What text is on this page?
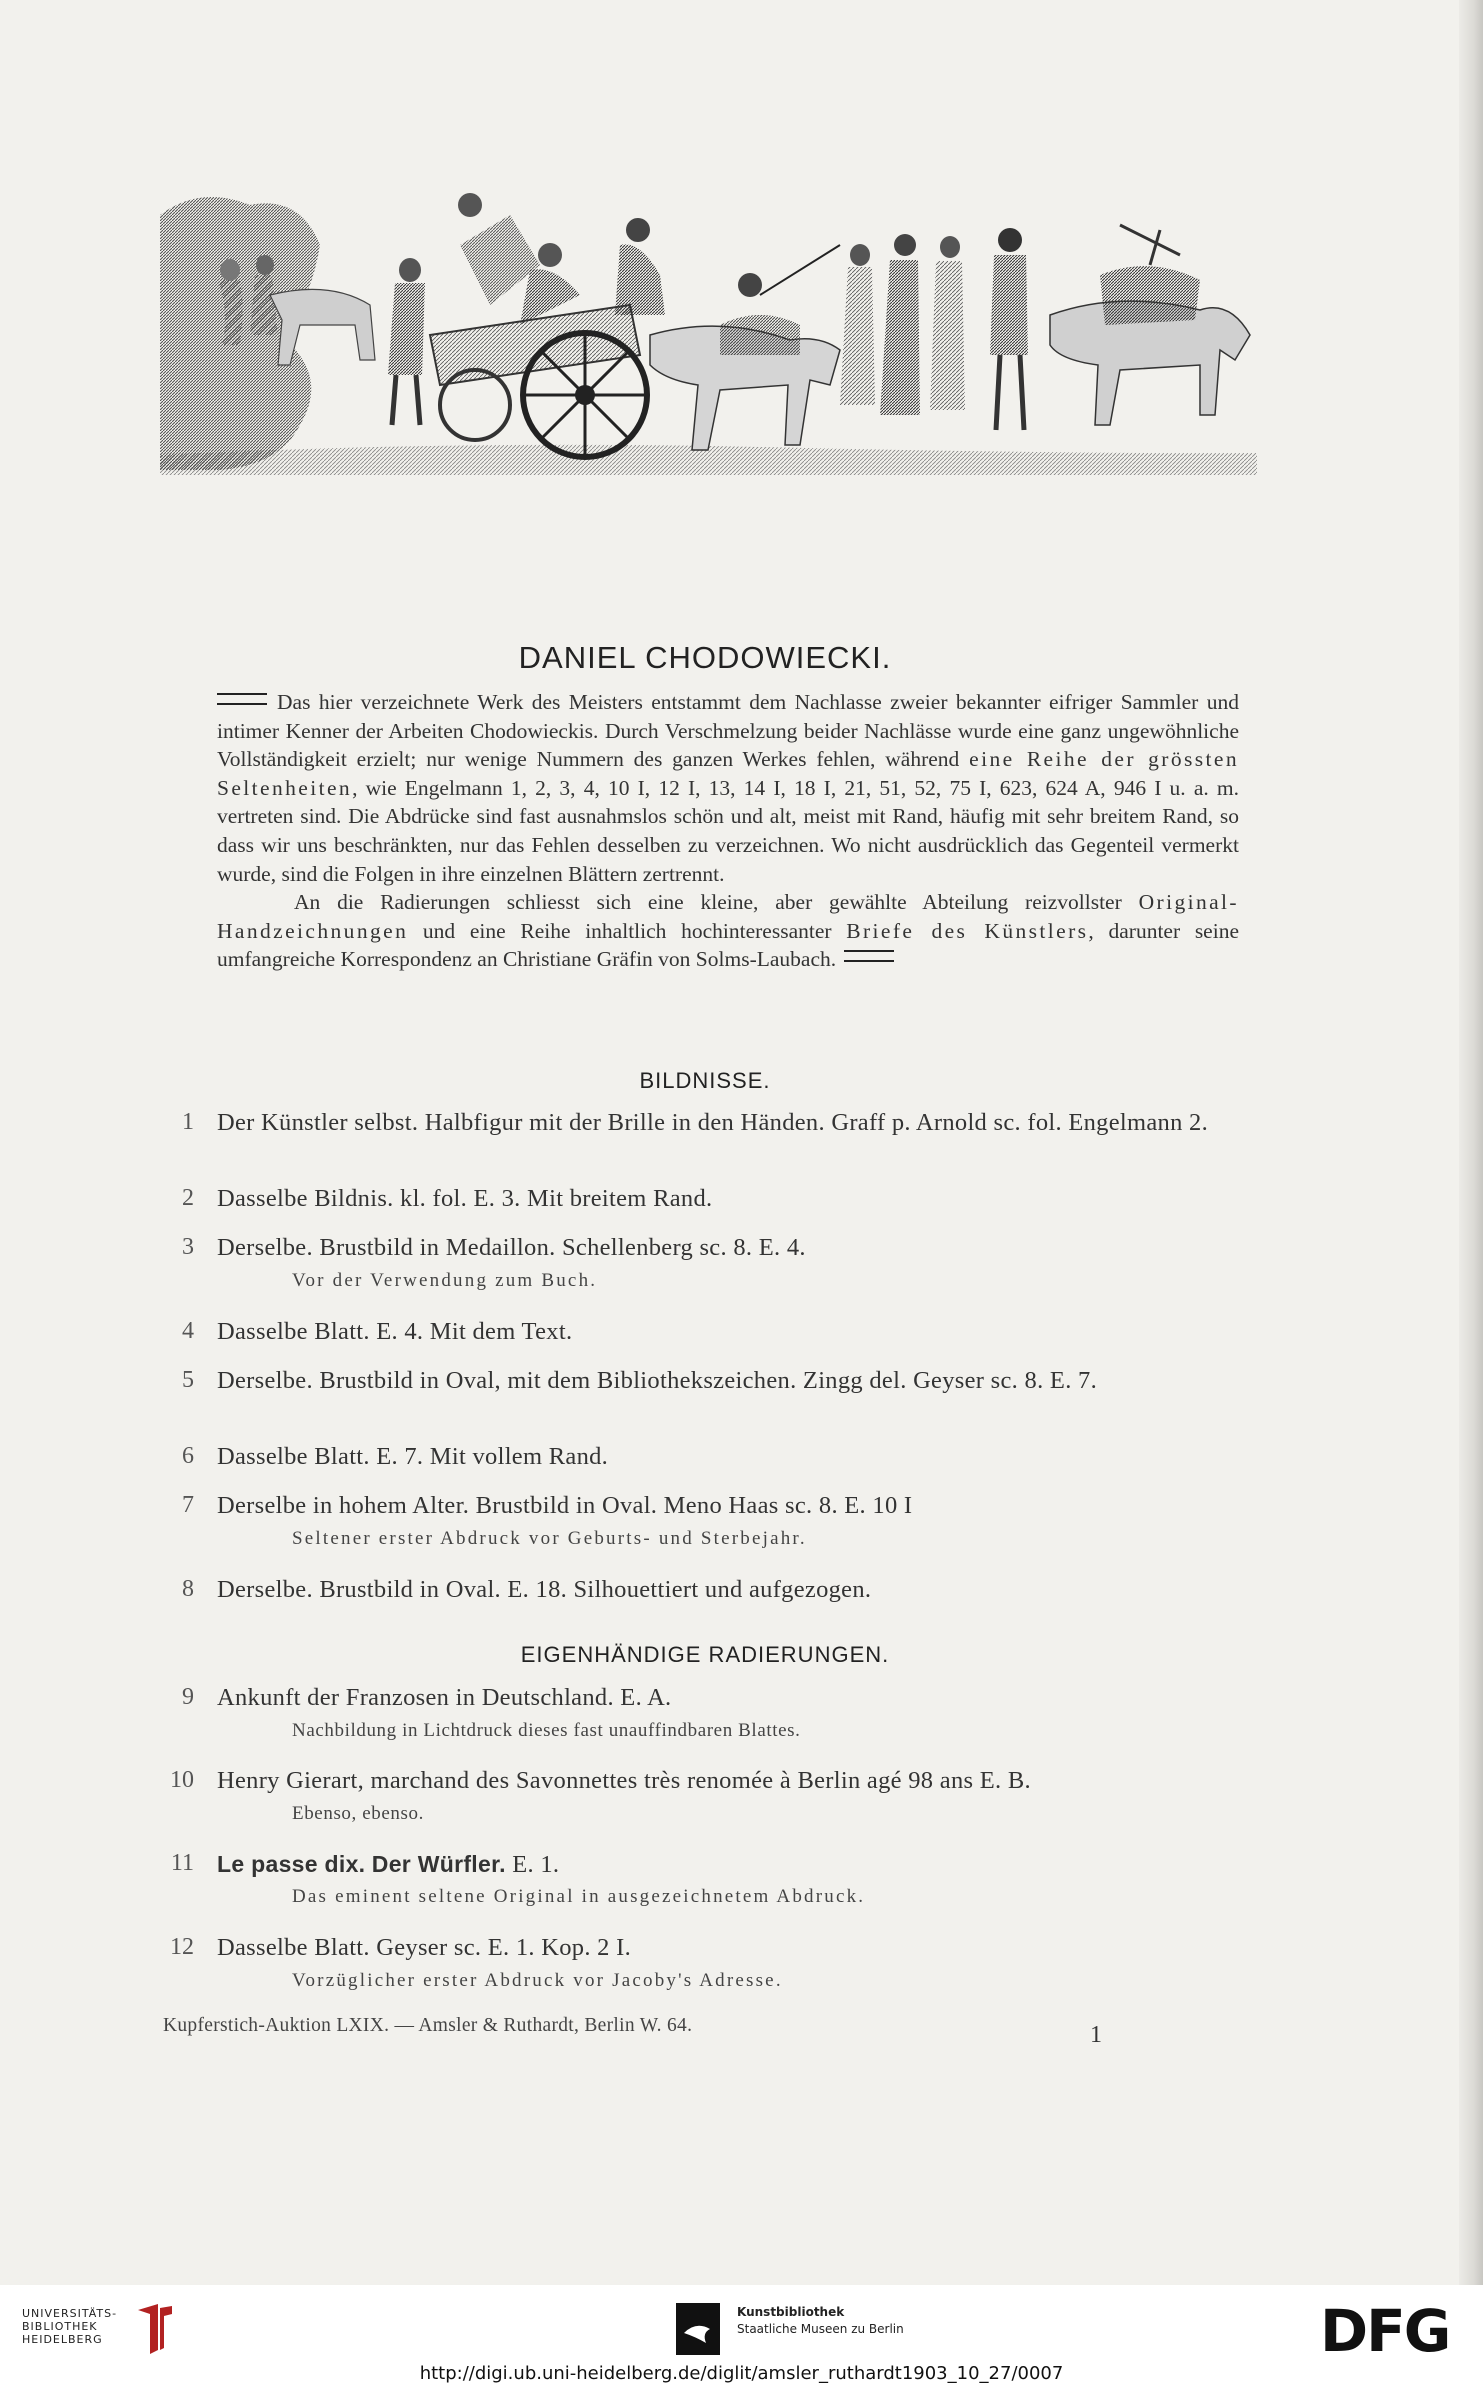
DANIEL CHODOWIECKI.

Das hier verzeichnete Werk des Meisters entstammt dem Nachlasse zweier bekannter eifriger Sammler und intimer Kenner der Arbeiten Chodowieckis. Durch Verschmelzung beider Nachlässe wurde eine ganz ungewöhnliche Vollständigkeit erzielt; nur wenige Nummern des ganzen Werkes fehlen, während eine Reihe der grössten Seltenheiten, wie Engelmann 1, 2, 3, 4, 10 I, 12 I, 13, 14 I, 18 I, 21, 51, 52, 75 I, 623, 624 A, 946 I u. a. m. vertreten sind. Die Abdrücke sind fast ausnahmslos schön und alt, meist mit Rand, häufig mit sehr breitem Rand, so dass wir uns beschränkten, nur das Fehlen desselben zu verzeichnen. Wo nicht ausdrücklich das Gegenteil vermerkt wurde, sind die Folgen in ihre einzelnen Blättern zertrennt.

An die Radierungen schliesst sich eine kleine, aber gewählte Abteilung reizvollster Original-Handzeichnungen und eine Reihe inhaltlich hochinteressanter Briefe des Künstlers, darunter seine umfangreiche Korrespondenz an Christiane Gräfin von Solms-Laubach.

BILDNISSE.
1 Der Künstler selbst. Halbfigur mit der Brille in den Händen. Graff p. Arnold sc. fol. Engelmann 2.
2 Dasselbe Bildnis. kl. fol. E. 3. Mit breitem Rand.
3 Derselbe. Brustbild in Medaillon. Schellenberg sc. 8. E. 4.
Vor der Verwendung zum Buch.
4 Dasselbe Blatt. E. 4. Mit dem Text.
5 Derselbe. Brustbild in Oval, mit dem Bibliothekszeichen. Zingg del. Geyser sc. 8. E. 7.
6 Dasselbe Blatt. E. 7. Mit vollem Rand.
7 Derselbe in hohem Alter. Brustbild in Oval. Meno Haas sc. 8. E. 10 I
Seltener erster Abdruck vor Geburts- und Sterbejahr.
8 Derselbe. Brustbild in Oval. E. 18. Silhouettiert und aufgezogen.
EIGENHÄNDIGE RADIERUNGEN.
9 Ankunft der Franzosen in Deutschland. E. A.
Nachbildung in Lichtdruck dieses fast unauffindbaren Blattes.
10 Henry Gierart, marchand des Savonnettes très renomée à Berlin agé 98 ans E. B.
Ebenso, ebenso.
11 Le passe dix. Der Würfler. E. 1.
Das eminent seltene Original in ausgezeichnetem Abdruck.
12 Dasselbe Blatt. Geyser sc. E. 1. Kop. 2 I.
Vorzüglicher erster Abdruck vor Jacoby's Adresse.
Kupferstich-Auktion LXIX. — Amsler & Ruthardt, Berlin W. 64.	1
UNIVERSITÄTS-
BIBLIOTHEK
HEIDELBERG
Kunstbibliothek
Staatliche Museen zu Berlin	DFG
http://digi.ub.uni-heidelberg.de/diglit/amsler_ruthardt1903_10_27/0007
